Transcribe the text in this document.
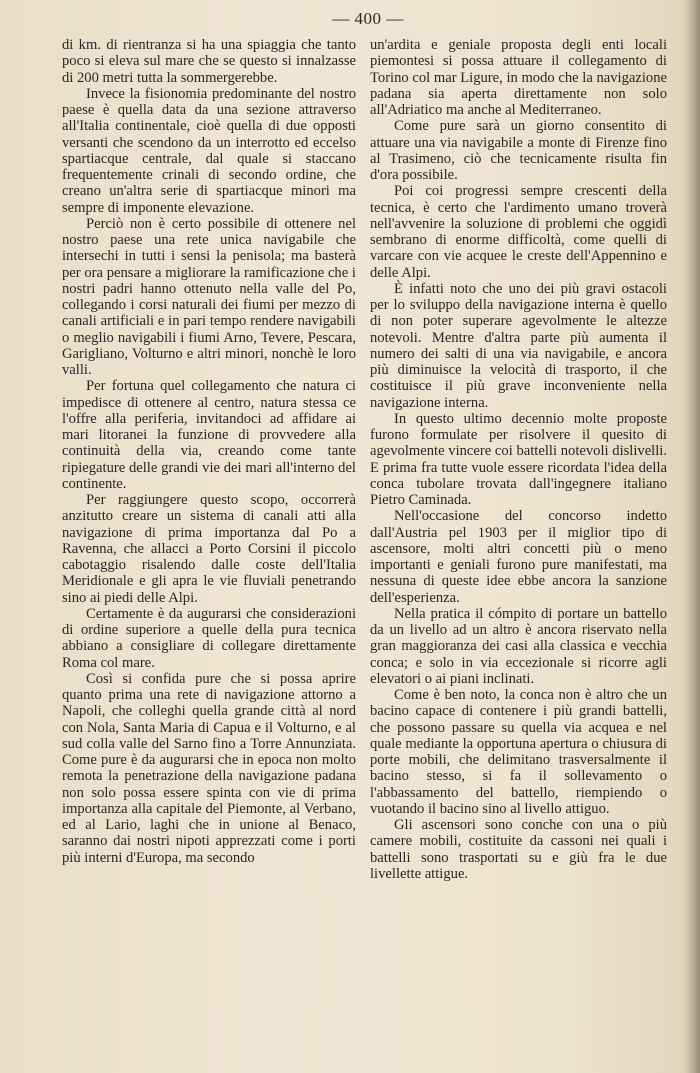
— 400 —

di km. di rientranza si ha una spiaggia che tanto poco si eleva sul mare che se questo si innalzasse di 200 metri tutta la sommergerebbe.

Invece la fisionomia predominante del nostro paese è quella data da una sezione attraverso all'Italia continentale, cioè quella di due opposti versanti che scendono da un interrotto ed eccelso spartiacque centrale, dal quale si staccano frequentemente crinali di secondo ordine, che creano un'altra serie di spartiacque minori ma sempre di imponente elevazione.

Perciò non è certo possibile di ottenere nel nostro paese una rete unica navigabile che intersechi in tutti i sensi la penisola; ma basterà per ora pensare a migliorare la ramificazione che i nostri padri hanno ottenuto nella valle del Po, collegando i corsi naturali dei fiumi per mezzo di canali artificiali e in pari tempo rendere navigabili o meglio navigabili i fiumi Arno, Tevere, Pescara, Garigliano, Volturno e altri minori, nonchè le loro valli.

Per fortuna quel collegamento che natura ci impedisce di ottenere al centro, natura stessa ce l'offre alla periferia, invitandoci ad affidare ai mari litoranei la funzione di provvedere alla continuità della via, creando come tante ripiegature delle grandi vie dei mari all'interno del continente.

Per raggiungere questo scopo, occorrerà anzitutto creare un sistema di canali atti alla navigazione di prima importanza dal Po a Ravenna, che allacci a Porto Corsini il piccolo cabotaggio risalendo dalle coste dell'Italia Meridionale e gli apra le vie fluviali penetrando sino ai piedi delle Alpi.

Certamente è da augurarsi che considerazioni di ordine superiore a quelle della pura tecnica abbiano a consigliare di collegare direttamente Roma col mare.

Così si confida pure che si possa aprire quanto prima una rete di navigazione attorno a Napoli, che colleghi quella grande città al nord con Nola, Santa Maria di Capua e il Volturno, e al sud colla valle del Sarno fino a Torre Annunziata. Come pure è da augurarsi che in epoca non molto remota la penetrazione della navigazione padana non solo possa essere spinta con vie di prima importanza alla capitale del Piemonte, al Verbano, ed al Lario, laghi che in unione al Benaco, saranno dai nostri nipoti apprezzati come i porti più interni d'Europa, ma secondo

un'ardita e geniale proposta degli enti locali piemontesi si possa attuare il collegamento di Torino col mar Ligure, in modo che la navigazione padana sia aperta direttamente non solo all'Adriatico ma anche al Mediterraneo.

Come pure sarà un giorno consentito di attuare una via navigabile a monte di Firenze fino al Trasimeno, ciò che tecnicamente risulta fin d'ora possibile.

Poi coi progressi sempre crescenti della tecnica, è certo che l'ardimento umano troverà nell'avvenire la soluzione di problemi che oggidì sembrano di enorme difficoltà, come quelli di varcare con vie acquee le creste dell'Appennino e delle Alpi.

È infatti noto che uno dei più gravi ostacoli per lo sviluppo della navigazione interna è quello di non poter superare agevolmente le altezze notevoli. Mentre d'altra parte più aumenta il numero dei salti di una via navigabile, e ancora più diminuisce la velocità di trasporto, il che costituisce il più grave inconveniente nella navigazione interna.

In questo ultimo decennio molte proposte furono formulate per risolvere il quesito di agevolmente vincere coi battelli notevoli dislivelli. E prima fra tutte vuole essere ricordata l'idea della conca tubolare trovata dall'ingegnere italiano Pietro Caminada.

Nell'occasione del concorso indetto dall'Austria pel 1903 per il miglior tipo di ascensore, molti altri concetti più o meno importanti e geniali furono pure manifestati, ma nessuna di queste idee ebbe ancora la sanzione dell'esperienza.

Nella pratica il cómpito di portare un battello da un livello ad un altro è ancora riservato nella gran maggioranza dei casi alla classica e vecchia conca; e solo in via eccezionale si ricorre agli elevatori o ai piani inclinati.

Come è ben noto, la conca non è altro che un bacino capace di contenere i più grandi battelli, che possono passare su quella via acquea e nel quale mediante la opportuna apertura o chiusura di porte mobili, che delimitano trasversalmente il bacino stesso, si fa il sollevamento o l'abbassamento del battello, riempiendo o vuotando il bacino sino al livello attiguo.

Gli ascensori sono conche con una o più camere mobili, costituite da cassoni nei quali i battelli sono trasportati su e giù fra le due livellette attigue.
